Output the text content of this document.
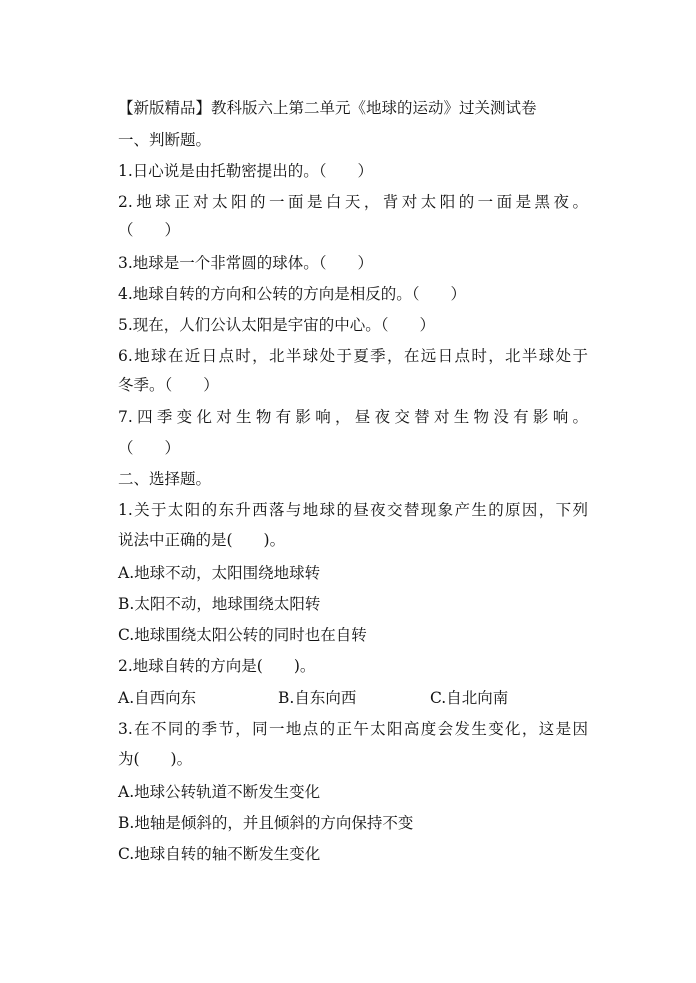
【新版精品】教科版六上第二单元《地球的运动》过关测试卷
一、判断题。
1.日心说是由托勒密提出的。（　　）
2.地球正对太阳的一面是白天，背对太阳的一面是黑夜。
（　　）
3.地球是一个非常圆的球体。（　　）
4.地球自转的方向和公转的方向是相反的。（　　）
5.现在，人们公认太阳是宇宙的中心。（　　）
6.地球在近日点时，北半球处于夏季，在远日点时，北半球处于
冬季。（　　）
7.四季变化对生物有影响，昼夜交替对生物没有影响。
（　　）
二、选择题。
1.关于太阳的东升西落与地球的昼夜交替现象产生的原因，下列
说法中正确的是(　　)。
A.地球不动，太阳围绕地球转
B.太阳不动，地球围绕太阳转
C.地球围绕太阳公转的同时也在自转
2.地球自转的方向是(　　)。
A.自西向东	B.自东向西	C.自北向南
3.在不同的季节，同一地点的正午太阳高度会发生变化，这是因
为(　　)。
A.地球公转轨道不断发生变化
B.地轴是倾斜的，并且倾斜的方向保持不变
C.地球自转的轴不断发生变化
